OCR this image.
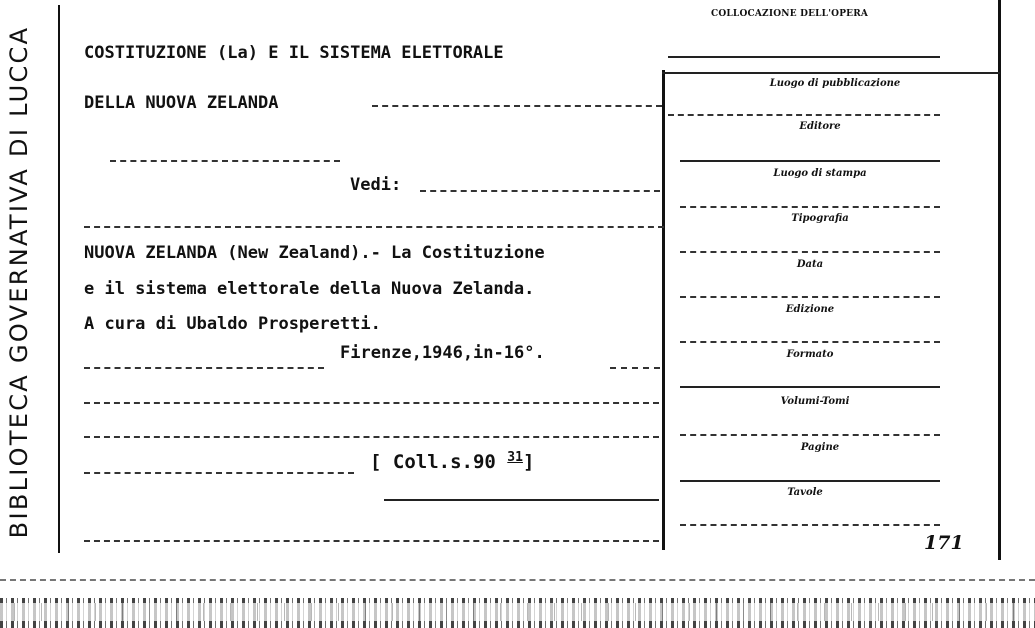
BIBLIOTECA GOVERNATIVA DI LUCCA
COLLOCAZIONE DELL'OPERA
COSTITUZIONE (La) E IL SISTEMA ELETTORALE
DELLA NUOVA ZELANDA
Vedi:
NUOVA ZELANDA (New Zealand).- La Costituzione
e il sistema elettorale della Nuova Zelanda.
A cura di Ubaldo Prosperetti.
Firenze,1946,in-16°.
[ Coll.s.90 $^{31}$]
Luogo di pubblicazione
Editore
Luogo di stampa
Tipografia
Data
Edizione
Formato
Volumi-Tomi
Pagine
Tavole
171
